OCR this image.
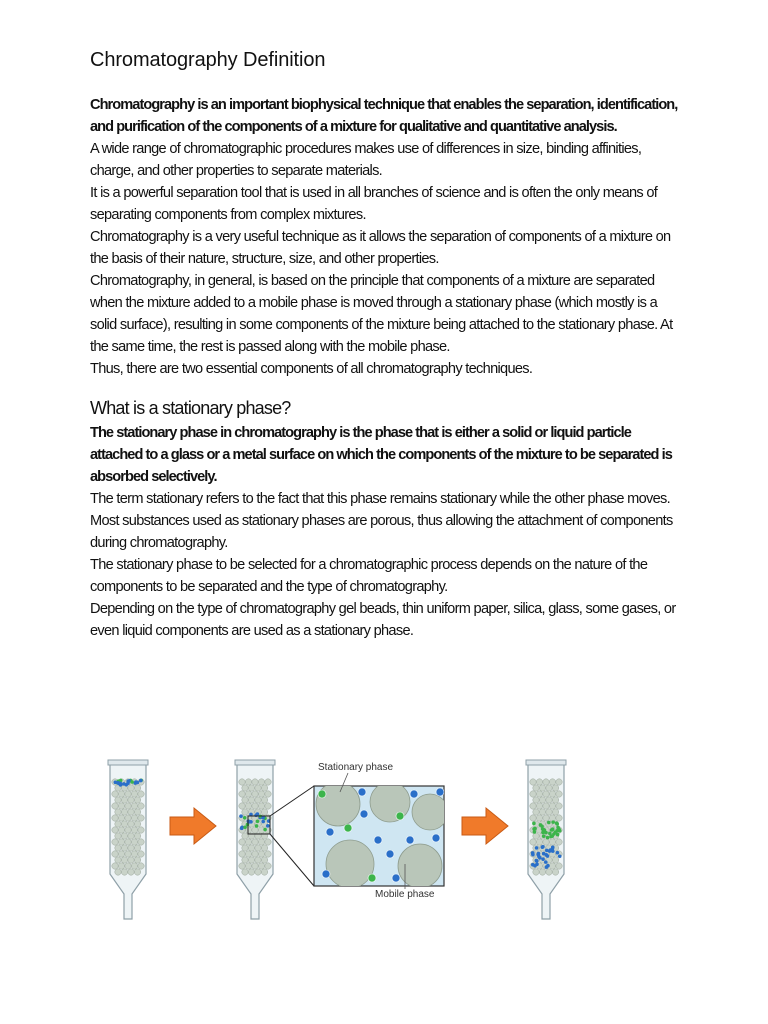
Chromatography Definition

Chromatography is an important biophysical technique that enables the separation, identification, and purification of the components of a mixture for qualitative and quantitative analysis.

A wide range of chromatographic procedures makes use of differences in size, binding affinities, charge, and other properties to separate materials.

It is a powerful separation tool that is used in all branches of science and is often the only means of separating components from complex mixtures.

Chromatography is a very useful technique as it allows the separation of components of a mixture on the basis of their nature, structure, size, and other properties.

Chromatography, in general, is based on the principle that components of a mixture are separated when the mixture added to a mobile phase is moved through a stationary phase (which mostly is a solid surface), resulting in some components of the mixture being attached to the stationary phase. At the same time, the rest is passed along with the mobile phase.

Thus, there are two essential components of all chromatography techniques.

What is a stationary phase?

The stationary phase in chromatography is the phase that is either a solid or liquid particle attached to a glass or a metal surface on which the components of the mixture to be separated is absorbed selectively.

The term stationary refers to the fact that this phase remains stationary while the other phase moves.

Most substances used as stationary phases are porous, thus allowing the attachment of components during chromatography.

The stationary phase to be selected for a chromatographic process depends on the nature of the components to be separated and the type of chromatography.

Depending on the type of chromatography gel beads, thin uniform paper, silica, glass, some gases, or even liquid components are used as a stationary phase.

Stationary phase
Mobile phase
